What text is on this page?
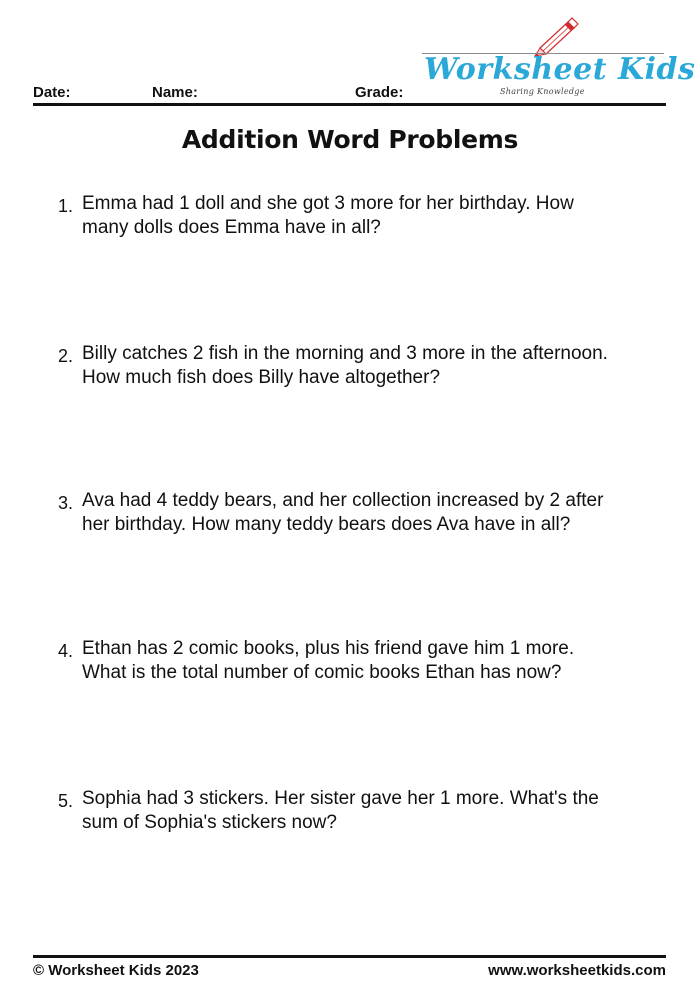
Date:	Name:	Grade:
Worksheet Kids
Sharing Knowledge
Addition Word Problems
1. Emma had 1 doll and she got 3 more for her birthday. How
many dolls does Emma have in all?
2. Billy catches 2 fish in the morning and 3 more in the afternoon.
How much fish does Billy have altogether?
3. Ava had 4 teddy bears, and her collection increased by 2 after
her birthday. How many teddy bears does Ava have in all?
4. Ethan has 2 comic books, plus his friend gave him 1 more.
What is the total number of comic books Ethan has now?
5. Sophia had 3 stickers. Her sister gave her 1 more. What's the
sum of Sophia's stickers now?
© Worksheet Kids 2023	www.worksheetkids.com
